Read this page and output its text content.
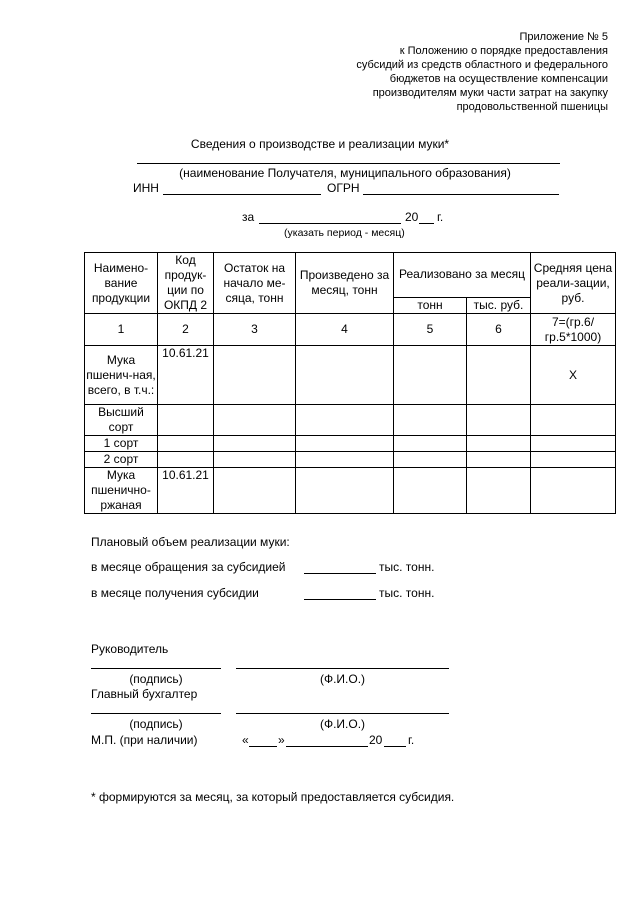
Приложение № 5
к Положению о порядке предоставления
субсидий из средств областного и федерального
бюджетов на осуществление компенсации
производителям муки части затрат на закупку
продовольственной пшеницы
Сведения о производстве и реализации муки*
(наименование Получателя, муниципального образования)
ИНН	ОГРН
за	20 г.
(указать период - месяц)
Наимено-вание продукции	Код продук-ции по ОКПД 2	Остаток на начало ме-сяца, тонн	Произведено за месяц, тонн	Реализовано за месяц		Средняя цена реали-зации, руб.
				тонн	тыс. руб.	
1	2	3	4	5	6	7=(гр.6/ гр.5*1000)
Мука пшенич-ная, всего, в т.ч.:	10.61.21					Х
Высший сорт						
1 сорт						
2 сорт						
Мука пшенично-ржаная	10.61.21					
Плановый объем реализации муки:
в месяце обращения за субсидией	тыс. тонн.
в месяце получения субсидии	тыс. тонн.
Руководитель
(подпись)	(Ф.И.О.)
Главный бухгалтер
(подпись)	(Ф.И.О.)
М.П. (при наличии)	« »	20 г.
* формируются за месяц, за который предоставляется субсидия.
